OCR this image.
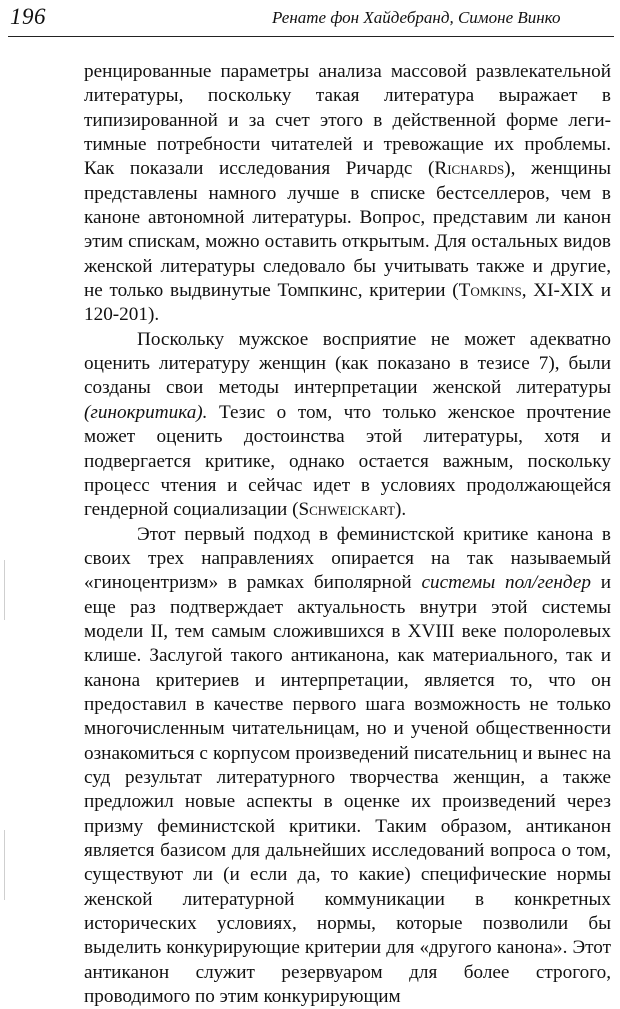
196	Ренате фон Хайдебранд, Симоне Винко

ренцированные параметры анализа массовой развлекательной литературы, поскольку такая литература выражает в типизированной и за счет этого в действенной форме легитимные потребности читателей и тревожащие их проблемы. Как показали исследования Ричардс (Richards), женщины представлены намного лучше в списке бестселлеров, чем в каноне автономной литературы. Вопрос, представим ли канон этим спискам, можно оставить открытым. Для остальных видов женской литературы следовало бы учитывать также и другие, не только выдвинутые Томпкинс, критерии (Tomkins, XI-XIX и 120-201).

Поскольку мужское восприятие не может адекватно оценить литературу женщин (как показано в тезисе 7), были созданы свои методы интерпретации женской литературы (гинокритика). Тезис о том, что только женское прочтение может оценить достоинства этой литературы, хотя и подвергается критике, однако остается важным, поскольку процесс чтения и сейчас идет в условиях продолжающейся гендерной социализации (Schweickart).

Этот первый подход в феминистской критике канона в своих трех направлениях опирается на так называемый «гиноцентризм» в рамках биполярной системы пол/гендер и еще раз подтверждает актуальность внутри этой системы модели II, тем самым сложившихся в XVIII веке полоролевых клише. Заслугой такого антиканона, как материального, так и канона критериев и интерпретации, является то, что он предоставил в качестве первого шага возможность не только многочисленным читательницам, но и ученой общественности ознакомиться с корпусом произведений писательниц и вынес на суд результат литературного творчества женщин, а также предложил новые аспекты в оценке их произведений через призму феминистской критики. Таким образом, антиканон является базисом для дальнейших исследований вопроса о том, существуют ли (и если да, то какие) специфические нормы женской литературной коммуникации в конкретных исторических условиях, нормы, которые позволили бы выделить конкурирующие критерии для «другого канона». Этот антиканон служит резервуаром для более строгого, проводимого по этим конкурирующим
